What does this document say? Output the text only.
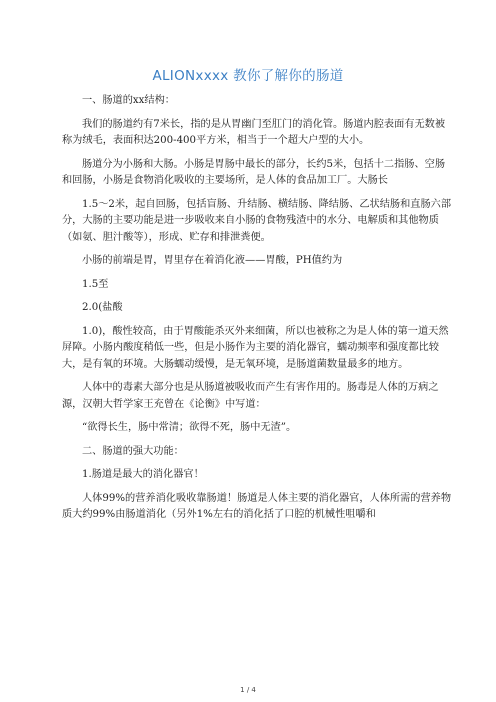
ALIONxxxx 教你了解你的肠道

一、肠道的xx结构：

我们的肠道约有7米长，指的是从胃幽门至肛门的消化管。肠道内腔表面有无数被称为绒毛，表面积达200-400平方米，相当于一个超大户型的大小。

肠道分为小肠和大肠。小肠是胃肠中最长的部分，长约5米，包括十二指肠、空肠和回肠，小肠是食物消化吸收的主要场所，是人体的食品加工厂。大肠长

1.5～2米，起自回肠，包括盲肠、升结肠、横结肠、降结肠、乙状结肠和直肠六部分，大肠的主要功能是进一步吸收来自小肠的食物残渣中的水分、电解质和其他物质（如氨、胆汁酸等），形成、贮存和排泄粪便。

小肠的前端是胃，胃里存在着消化液——胃酸，PH值约为

1.5至

2.0(盐酸

1.0)，酸性较高，由于胃酸能杀灭外来细菌，所以也被称之为是人体的第一道天然屏障。小肠内酸度稍低一些，但是小肠作为主要的消化器官，蠕动频率和强度都比较大，是有氧的环境。大肠蠕动缓慢，是无氧环境，是肠道菌数量最多的地方。

人体中的毒素大部分也是从肠道被吸收而产生有害作用的。肠毒是人体的万病之源，汉朝大哲学家王充曾在《论衡》中写道：

“欲得长生，肠中常清；欲得不死，肠中无渣”。

二、肠道的强大功能：

1.肠道是最大的消化器官！

人体99%的营养消化吸收靠肠道！肠道是人体主要的消化器官，人体所需的营养物质大约99%由肠道消化（另外1%左右的消化括了口腔的机械性咀嚼和

1 / 4
